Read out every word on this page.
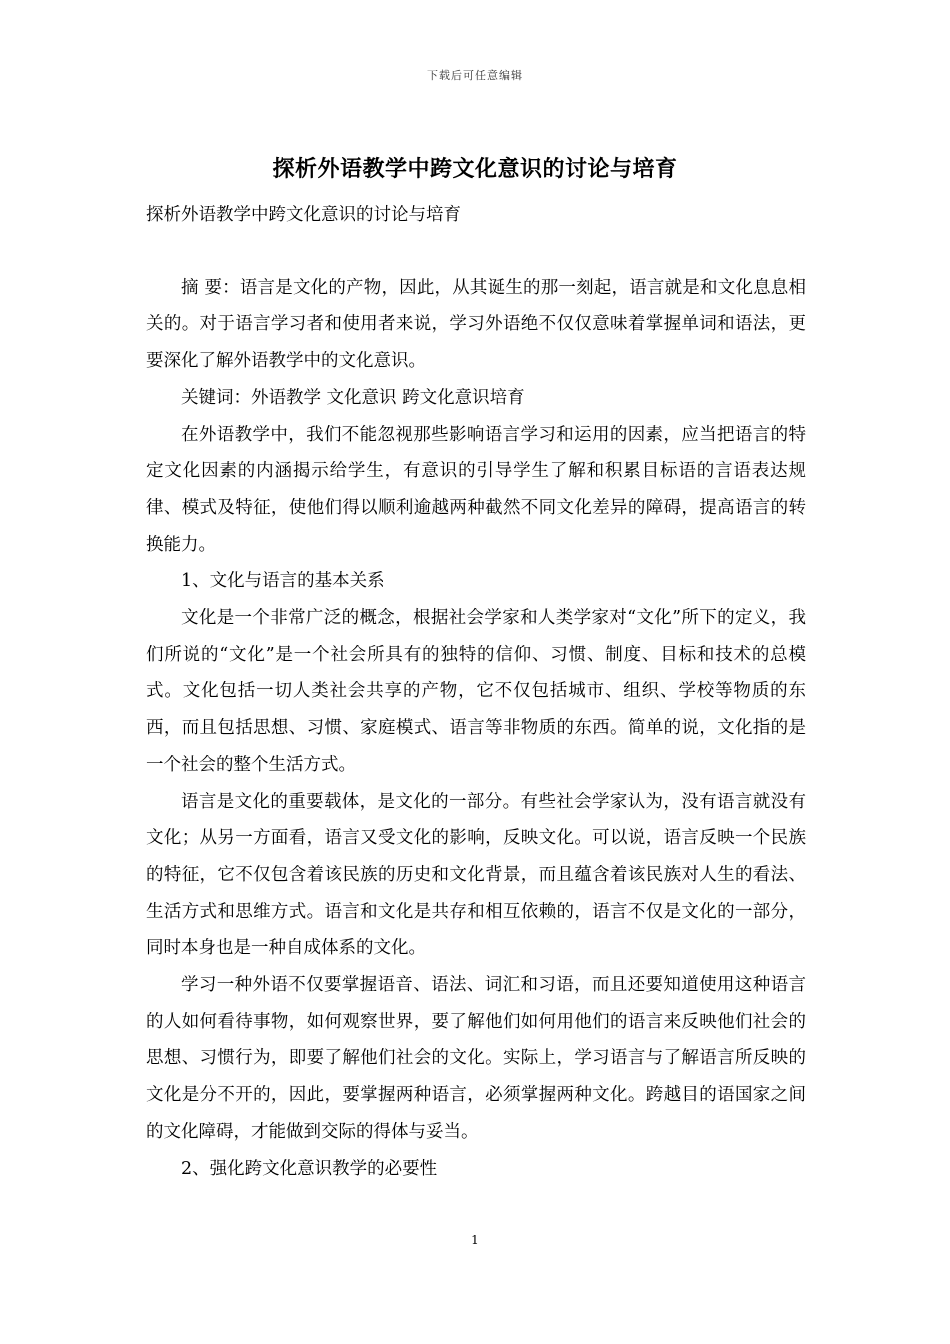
下载后可任意编辑
探析外语教学中跨文化意识的讨论与培育

探析外语教学中跨文化意识的讨论与培育

摘 要：语言是文化的产物，因此，从其诞生的那一刻起，语言就是和文化息息相关的。对于语言学习者和使用者来说，学习外语绝不仅仅意味着掌握单词和语法，更要深化了解外语教学中的文化意识。

关键词：外语教学 文化意识 跨文化意识培育

在外语教学中，我们不能忽视那些影响语言学习和运用的因素，应当把语言的特定文化因素的内涵揭示给学生，有意识的引导学生了解和积累目标语的言语表达规律、模式及特征，使他们得以顺利逾越两种截然不同文化差异的障碍，提高语言的转换能力。

1、文化与语言的基本关系

文化是一个非常广泛的概念，根据社会学家和人类学家对“文化”所下的定义，我们所说的“文化”是一个社会所具有的独特的信仰、习惯、制度、目标和技术的总模式。文化包括一切人类社会共享的产物，它不仅包括城市、组织、学校等物质的东西，而且包括思想、习惯、家庭模式、语言等非物质的东西。简单的说，文化指的是一个社会的整个生活方式。

语言是文化的重要载体，是文化的一部分。有些社会学家认为，没有语言就没有文化；从另一方面看，语言又受文化的影响，反映文化。可以说，语言反映一个民族的特征，它不仅包含着该民族的历史和文化背景，而且蕴含着该民族对人生的看法、生活方式和思维方式。语言和文化是共存和相互依赖的，语言不仅是文化的一部分，同时本身也是一种自成体系的文化。

学习一种外语不仅要掌握语音、语法、词汇和习语，而且还要知道使用这种语言的人如何看待事物，如何观察世界，要了解他们如何用他们的语言来反映他们社会的思想、习惯行为，即要了解他们社会的文化。实际上，学习语言与了解语言所反映的文化是分不开的，因此，要掌握两种语言，必须掌握两种文化。跨越目的语国家之间的文化障碍，才能做到交际的得体与妥当。

2、强化跨文化意识教学的必要性

1
